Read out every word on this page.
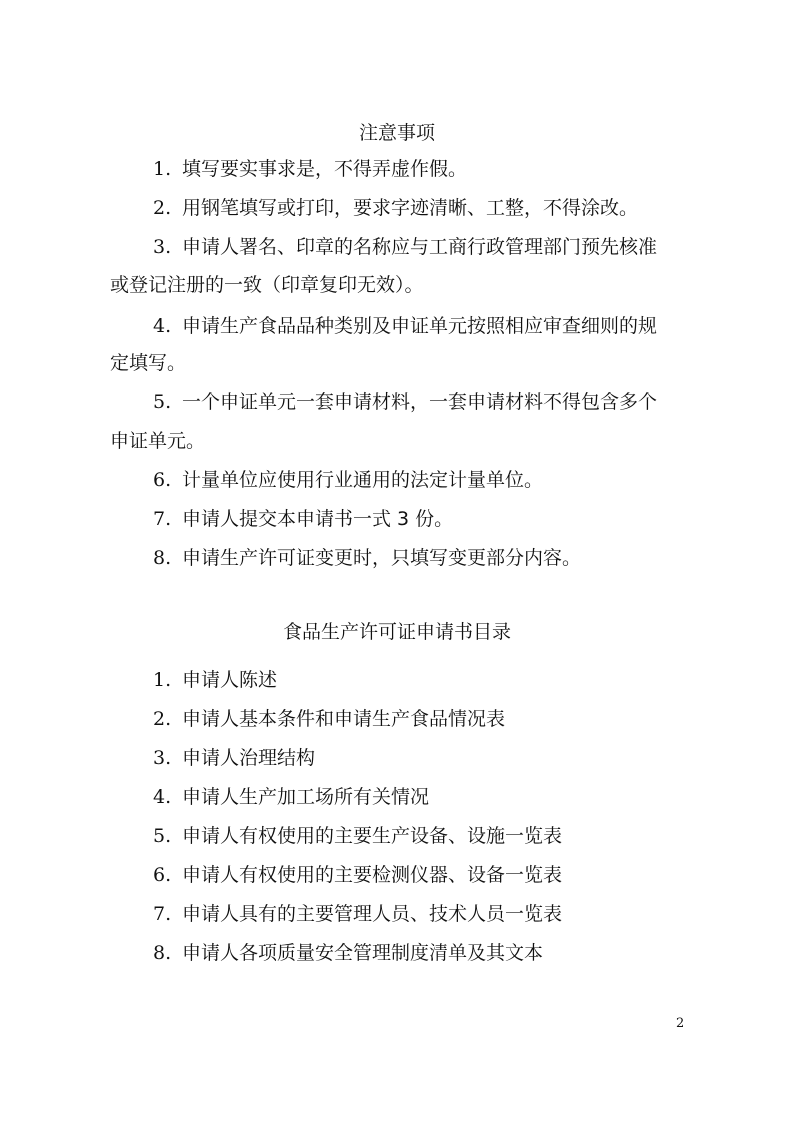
注意事项

1. 填写要实事求是，不得弄虚作假。

2. 用钢笔填写或打印，要求字迹清晰、工整，不得涂改。

3. 申请人署名、印章的名称应与工商行政管理部门预先核准

或登记注册的一致（印章复印无效）。

4. 申请生产食品品种类别及申证单元按照相应审查细则的规

定填写。

5. 一个申证单元一套申请材料，一套申请材料不得包含多个

申证单元。

6. 计量单位应使用行业通用的法定计量单位。

7. 申请人提交本申请书一式 3 份。

8. 申请生产许可证变更时，只填写变更部分内容。

食品生产许可证申请书目录

1. 申请人陈述

2. 申请人基本条件和申请生产食品情况表

3. 申请人治理结构

4. 申请人生产加工场所有关情况

5. 申请人有权使用的主要生产设备、设施一览表

6. 申请人有权使用的主要检测仪器、设备一览表

7. 申请人具有的主要管理人员、技术人员一览表

8. 申请人各项质量安全管理制度清单及其文本

2
